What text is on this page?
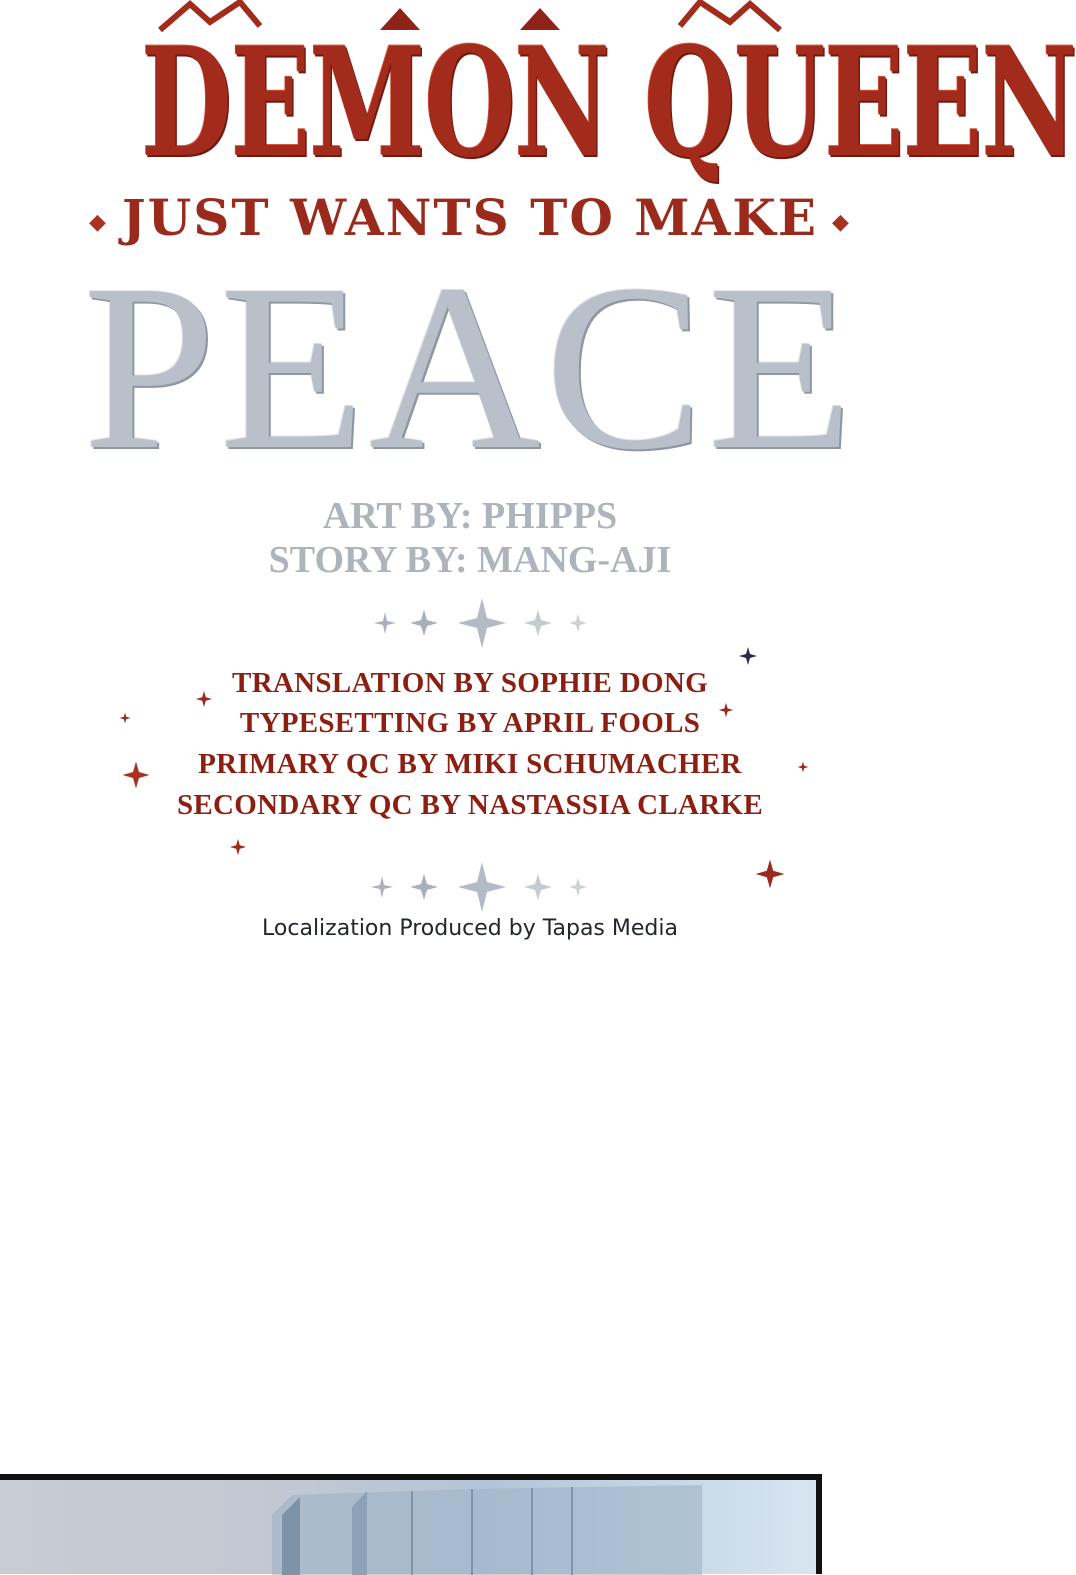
DEMON QUEEN
◆ JUST WANTS TO MAKE ◆
PEACE
ART BY: PHIPPS
STORY BY: MANG-AJI
TRANSLATION BY SOPHIE DONG
TYPESETTING BY APRIL FOOLS
PRIMARY QC BY MIKI SCHUMACHER
SECONDARY QC BY NASTASSIA CLARKE
Localization Produced by Tapas Media
